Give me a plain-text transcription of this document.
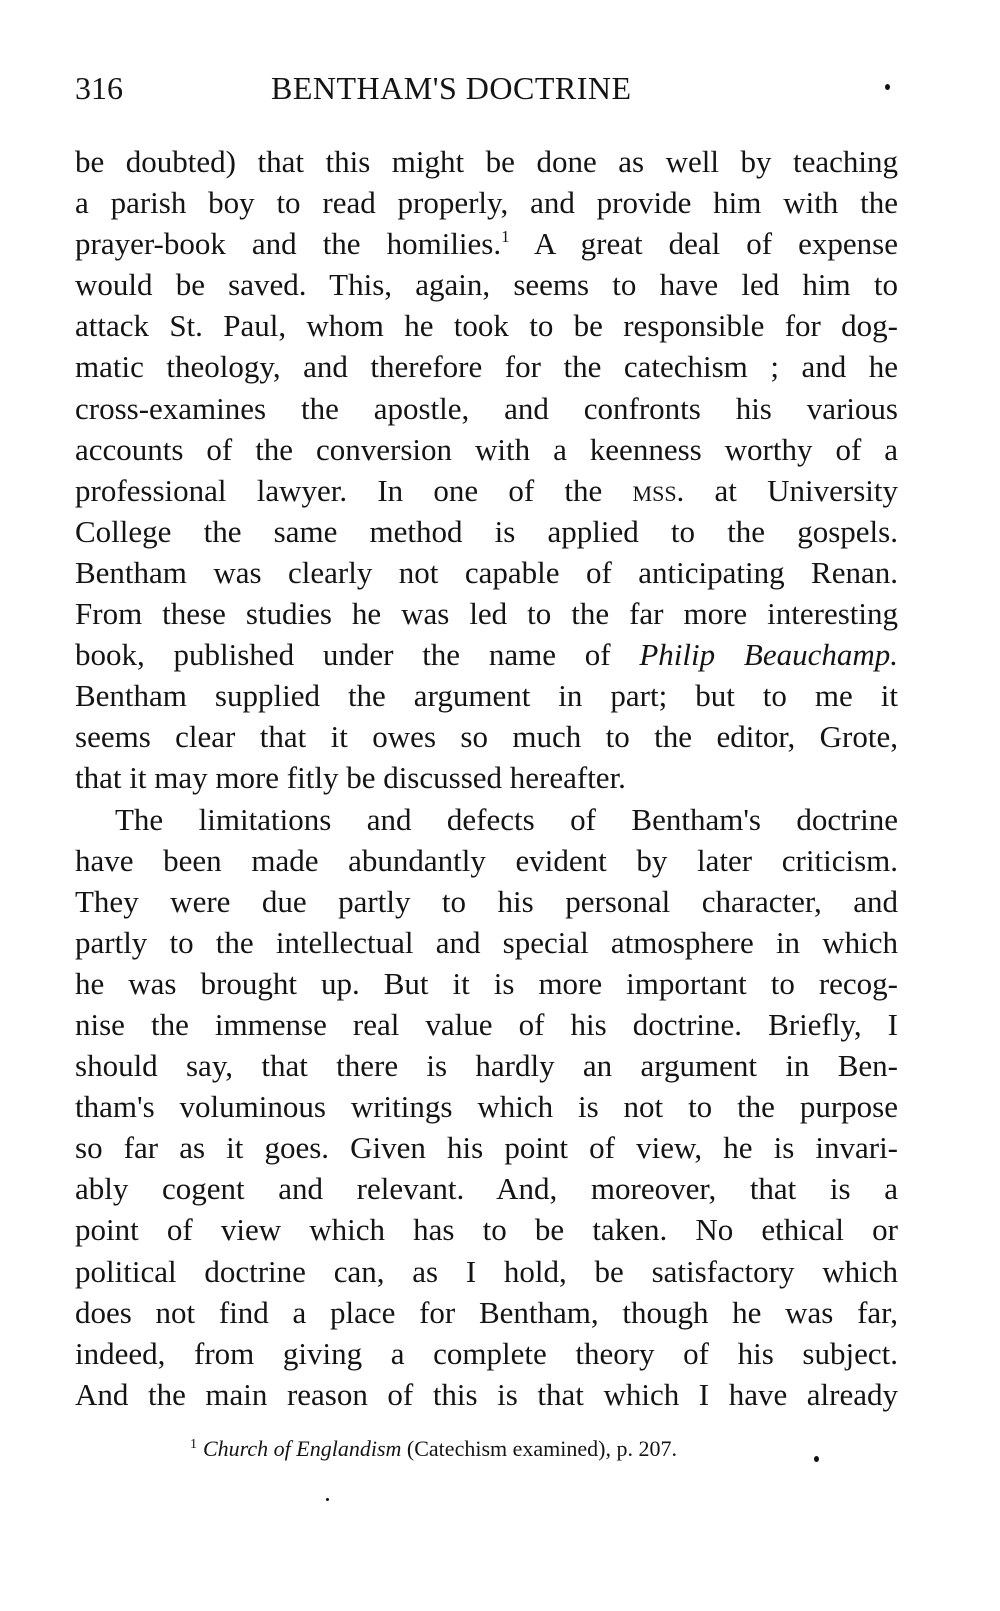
316	BENTHAM'S DOCTRINE
be doubted) that this might be done as well by teaching
a parish boy to read properly, and provide him with the
prayer-book and the homilies.$^1$ A great deal of expense
would be saved. This, again, seems to have led him to
attack St. Paul, whom he took to be responsible for dog-
matic theology, and therefore for the catechism ; and he
cross-examines the apostle, and confronts his various
accounts of the conversion with a keenness worthy of a
professional lawyer. In one of the mss. at University
College the same method is applied to the gospels.
Bentham was clearly not capable of anticipating Renan.
From these studies he was led to the far more interesting
book, published under the name of Philip Beauchamp.
Bentham supplied the argument in part; but to me it
seems clear that it owes so much to the editor, Grote,
that it may more fitly be discussed hereafter.
The limitations and defects of Bentham's doctrine
have been made abundantly evident by later criticism.
They were due partly to his personal character, and
partly to the intellectual and special atmosphere in which
he was brought up. But it is more important to recog-
nise the immense real value of his doctrine. Briefly, I
should say, that there is hardly an argument in Ben-
tham's voluminous writings which is not to the purpose
so far as it goes. Given his point of view, he is invari-
ably cogent and relevant. And, moreover, that is a
point of view which has to be taken. No ethical or
political doctrine can, as I hold, be satisfactory which
does not find a place for Bentham, though he was far,
indeed, from giving a complete theory of his subject.
And the main reason of this is that which I have already
$^1$ Church of Englandism (Catechism examined), p. 207.
